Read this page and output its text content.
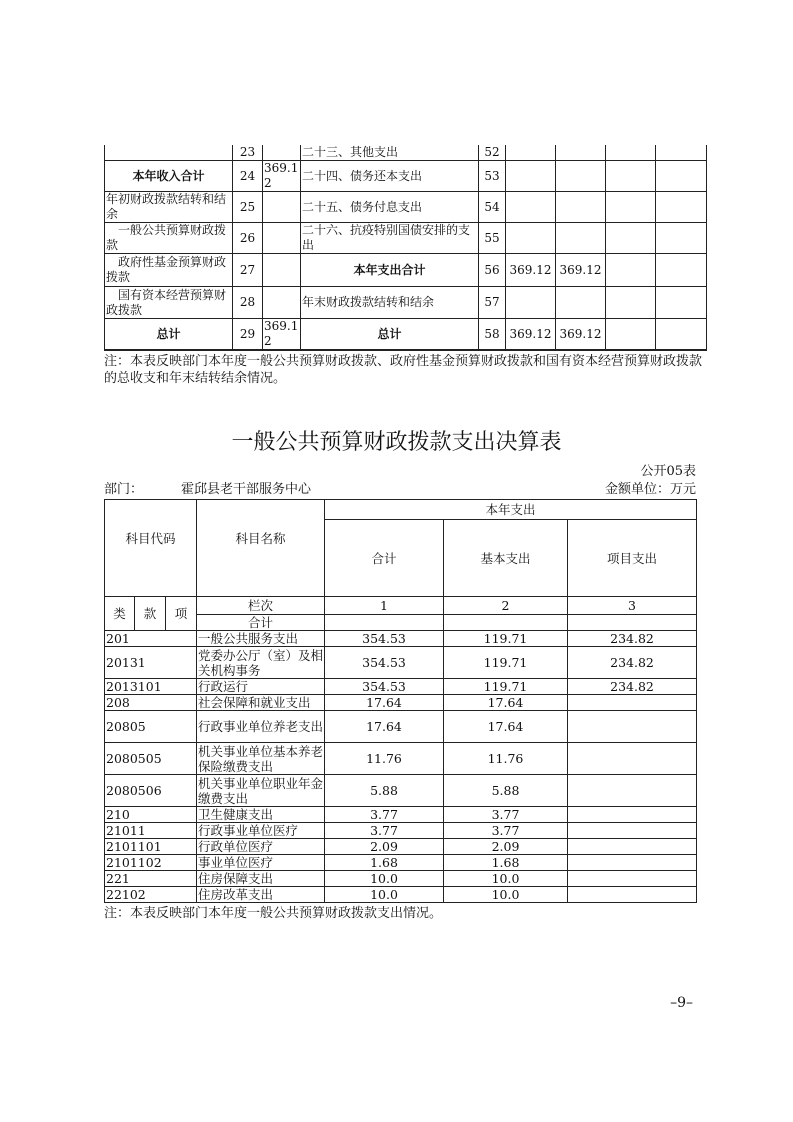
	23		二十三、其他支出	52				
本年收入合计	24	369.12	二十四、债务还本支出	53				
年初财政拨款结转和结余	25		二十五、债务付息支出	54				
　一般公共预算财政拨款	26		二十六、抗疫特别国债安排的支出	55				
　政府性基金预算财政拨款	27		本年支出合计	56	369.12	369.12		
　国有资本经营预算财政拨款	28		年末财政拨款结转和结余	57				
总计	29	369.12	总计	58	369.12	369.12		
注：本表反映部门本年度一般公共预算财政拨款、政府性基金预算财政拨款和国有资本经营预算财政拨款的总收支和年末结转结余情况。
一般公共预算财政拨款支出决算表
公开05表
部门：	霍邱县老干部服务中心	金额单位：万元
科目代码			科目名称	本年支出		
				合计	基本支出	项目支出
类	款	项	栏次	1	2	3
			合计			
201			一般公共服务支出	354.53	119.71	234.82
20131			党委办公厅（室）及相关机构事务	354.53	119.71	234.82
2013101			行政运行	354.53	119.71	234.82
208			社会保障和就业支出	17.64	17.64	
20805			行政事业单位养老支出	17.64	17.64	
2080505			机关事业单位基本养老保险缴费支出	11.76	11.76	
2080506			机关事业单位职业年金缴费支出	5.88	5.88	
210			卫生健康支出	3.77	3.77	
21011			行政事业单位医疗	3.77	3.77	
2101101			行政单位医疗	2.09	2.09	
2101102			事业单位医疗	1.68	1.68	
221			住房保障支出	10.0	10.0	
22102			住房改革支出	10.0	10.0	
注：本表反映部门本年度一般公共预算财政拨款支出情况。
–9–
